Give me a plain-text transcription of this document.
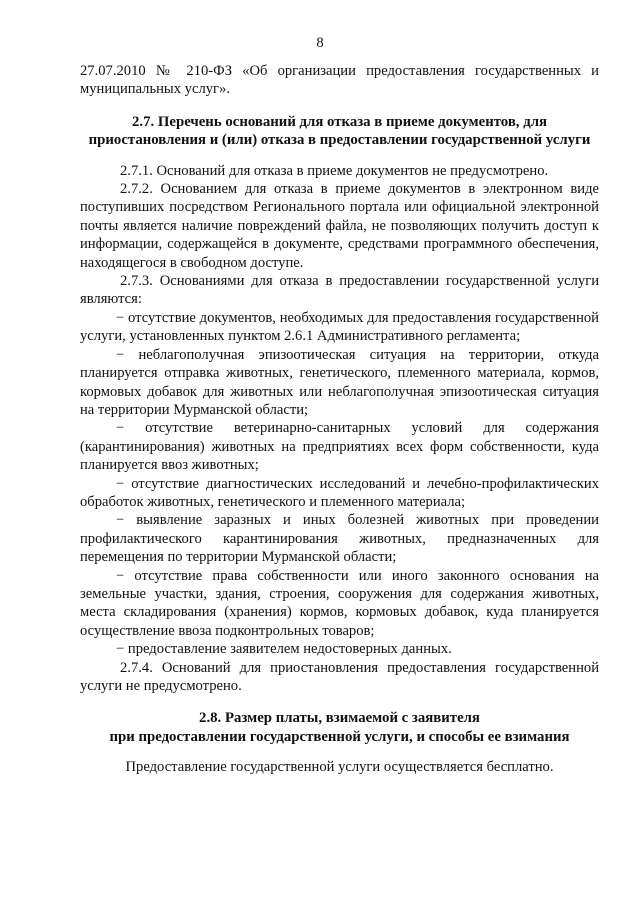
8

27.07.2010 № 210-ФЗ «Об организации предоставления государственных и муниципальных услуг».

2.7. Перечень оснований для отказа в приеме документов, для
приостановления и (или) отказа в предоставлении государственной услуги

2.7.1. Оснований для отказа в приеме документов не предусмотрено.

2.7.2. Основанием для отказа в приеме документов в электронном виде поступивших посредством Регионального портала или официальной электронной почты является наличие повреждений файла, не позволяющих получить доступ к информации, содержащейся в документе, средствами программного обеспечения, находящегося в свободном доступе.

2.7.3. Основаниями для отказа в предоставлении государственной услуги являются:

− отсутствие документов, необходимых для предоставления государственной услуги, установленных пунктом 2.6.1 Административного регламента;

− неблагополучная эпизоотическая ситуация на территории, откуда планируется отправка животных, генетического, племенного материала, кормов, кормовых добавок для животных или неблагополучная эпизоотическая ситуация на территории Мурманской области;

− отсутствие ветеринарно-санитарных условий для содержания (карантинирования) животных на предприятиях всех форм собственности, куда планируется ввоз животных;

− отсутствие диагностических исследований и лечебно-профилактических обработок животных, генетического и племенного материала;

− выявление заразных и иных болезней животных при проведении профилактического карантинирования животных, предназначенных для перемещения по территории Мурманской области;

− отсутствие права собственности или иного законного основания на земельные участки, здания, строения, сооружения для содержания животных, места складирования (хранения) кормов, кормовых добавок, куда планируется осуществление ввоза подконтрольных товаров;

− предоставление заявителем недостоверных данных.

2.7.4. Оснований для приостановления предоставления государственной услуги не предусмотрено.

2.8. Размер платы, взимаемой с заявителя
при предоставлении государственной услуги, и способы ее взимания

Предоставление государственной услуги осуществляется бесплатно.
